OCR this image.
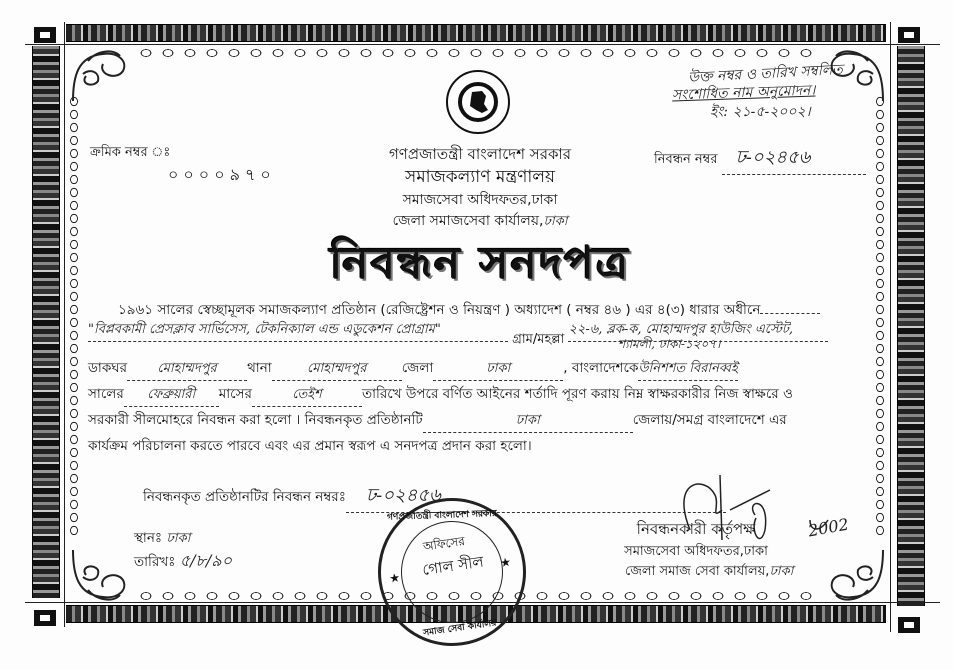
ক্রমিক নম্বর ঃ
০০০০৯৭০
গণপ্রজাতন্ত্রী বাংলাদেশ সরকার
সমাজকল্যাণ মন্ত্রণালয়
সমাজসেবা অধিদফতর,ঢাকা
জেলা সমাজসেবা কার্যালয়,ঢাকা
নিবন্ধন সনদপত্র
নিবন্ধন নম্বর ঢ-০২৪৫৬
উক্ত নম্বর ও তারিখ সম্বলিত
সংশোধিত নাম অনুমোদন।
ইং: ২১-৫-২০০২।
১৯৬১ সালের স্বেচ্ছামূলক সমাজকল্যাণ প্রতিষ্ঠান (রেজিষ্ট্রেশন ও নিয়ন্ত্রণ ) অধ্যাদেশ ( নম্বর ৪৬ ) এর ৪(৩) ধারার অধীনে
"বিপ্লবকামী প্রেসক্লাব সার্ভিসেস, টেকনিক্যাল এন্ড এডুকেশন প্রোগ্রাম" গ্রাম/মহল্লা ২২-৬, ব্লক-ক, মোহাম্মদপুর হাউজিং এস্টেট,
শ্যামলী, ঢাকা-১২০৭।
ডাকঘর মোহাম্মদপুর থানা	মোহাম্মদপুর	জেলা	ঢাকা	, বাংলাদেশকেউনিশশত বিরানব্বই
সালের ফেব্রুয়ারী মাসের	তেইশ	তারিখে উপরে বর্ণিত আইনের শর্তাদি পূরণ করায় নিম্ন স্বাক্ষরকারীর নিজ স্বাক্ষরে ও
সরকারী সীলমোহরে নিবন্ধন করা হলো । নিবন্ধনকৃত প্রতিষ্ঠানটি	ঢাকা	জেলায়/সমগ্র বাংলাদেশে এর
কার্যক্রম পরিচালনা করতে পারবে এবং এর প্রমান স্বরূপ এ সনদপত্র প্রদান করা হলো।
নিবন্ধনকৃত প্রতিষ্ঠানটির নিবন্ধন নম্বরঃ ঢ-০২৪৫৬
স্থানঃ ঢাকা
তারিখঃ ৫/৮/৯০
গণপ্রজাতন্ত্রী বাংলাদেশ সরকার
অফিসের
গোল সীল
★
★
সমাজ সেবা কার্যালয়
2002
নিবন্ধনকারী কর্তৃপক্ষ
সমাজসেবা অধিদফতর,ঢাকা
জেলা সমাজ সেবা কার্যালয়,ঢাকা
